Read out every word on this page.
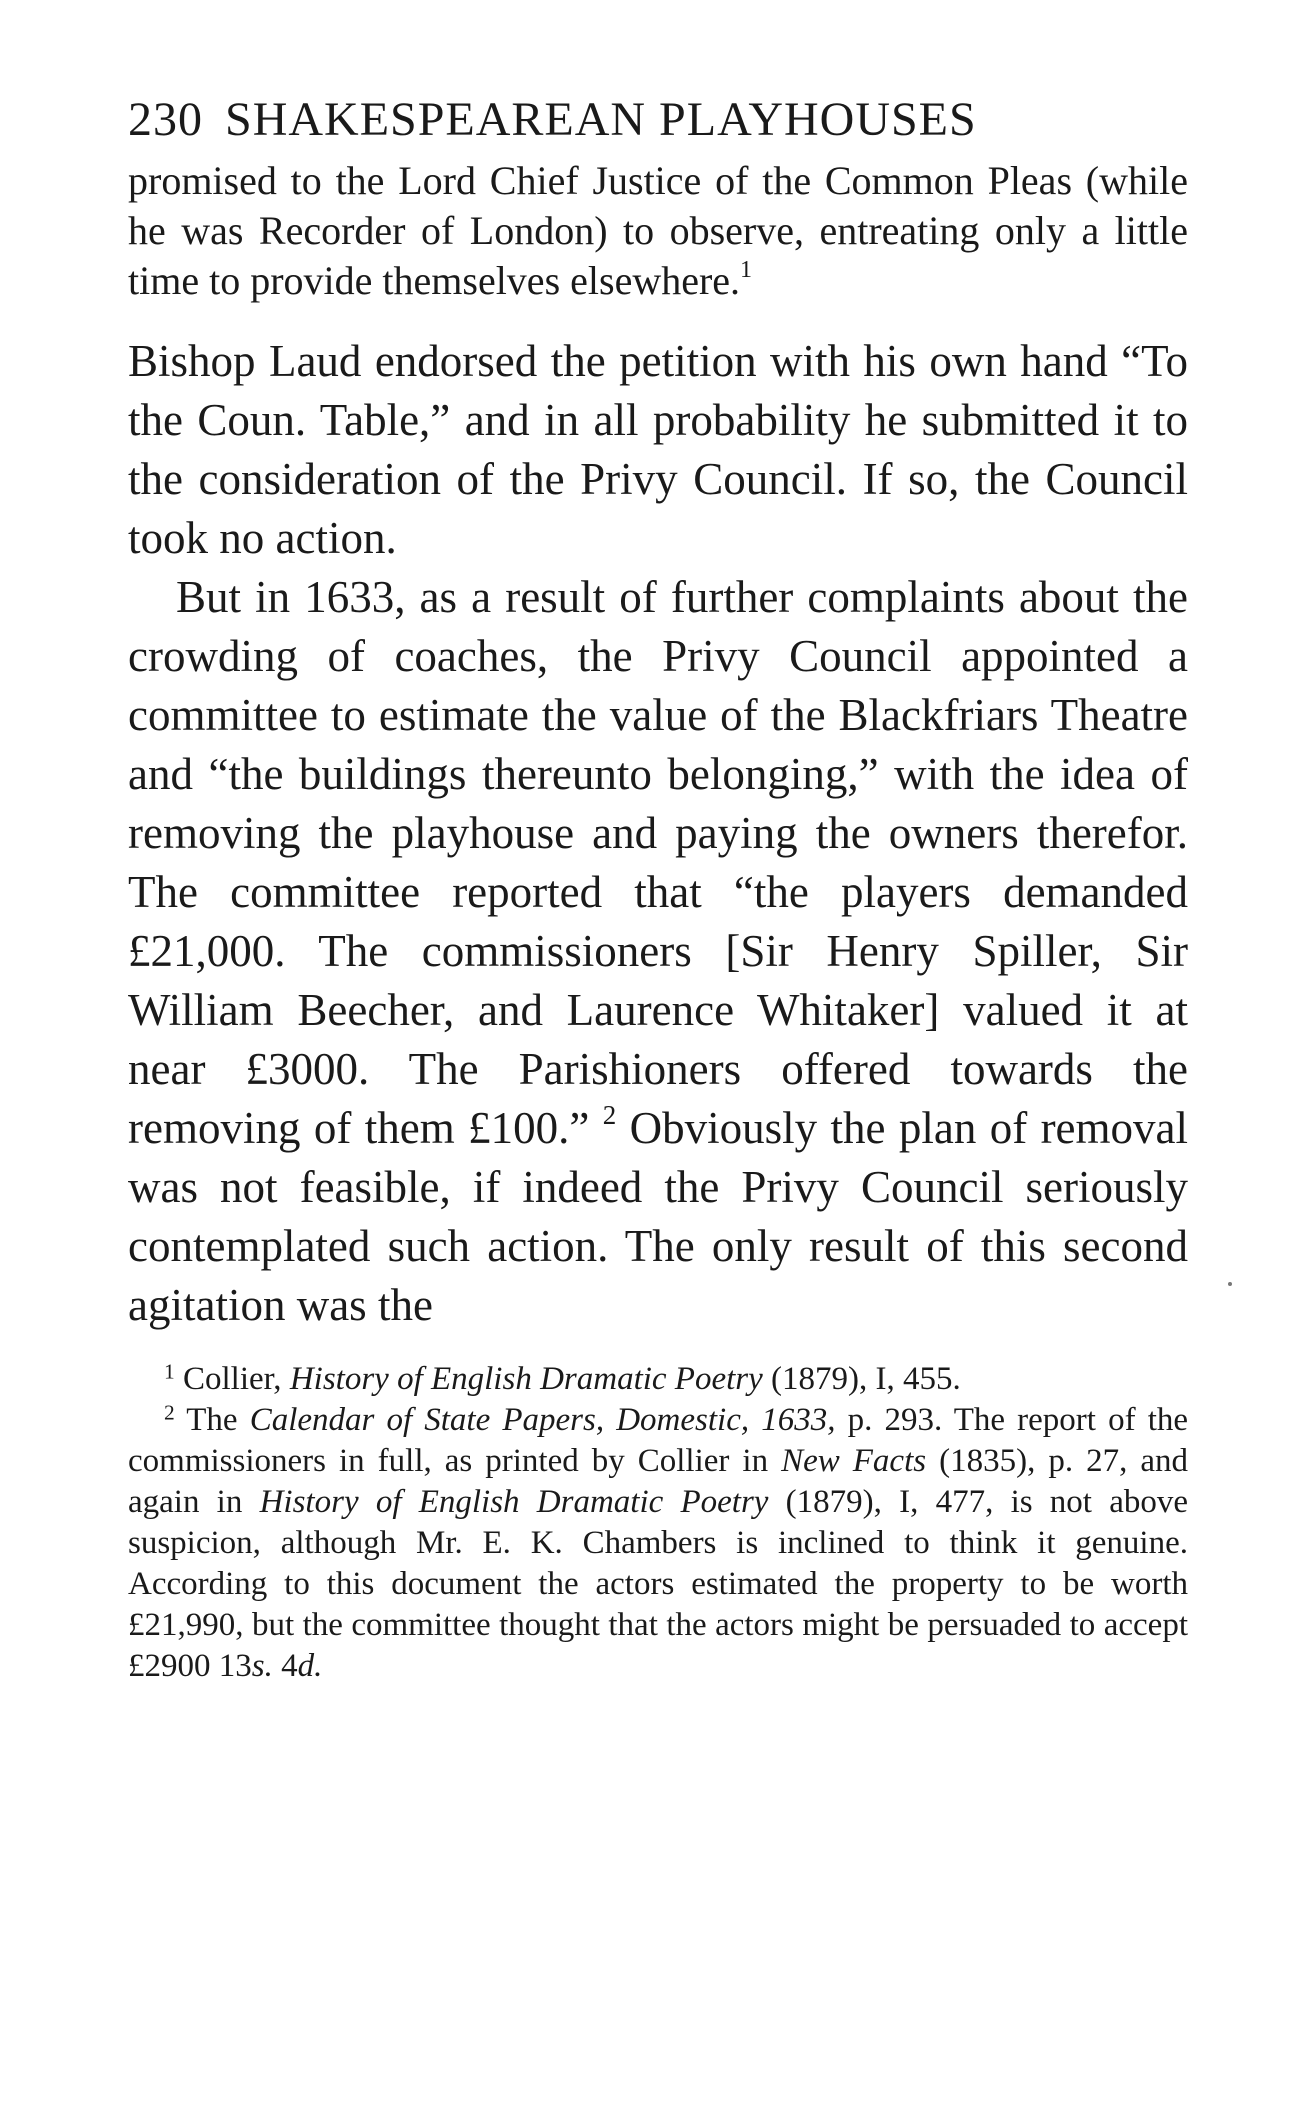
230 SHAKESPEAREAN PLAYHOUSES

promised to the Lord Chief Justice of the Common Pleas (while he was Recorder of London) to observe, entreating only a little time to provide themselves elsewhere.$^1$

Bishop Laud endorsed the petition with his own hand “To the Coun. Table,” and in all probability he submitted it to the consideration of the Privy Council. If so, the Council took no action.

But in 1633, as a result of further complaints about the crowding of coaches, the Privy Council appointed a committee to estimate the value of the Blackfriars Theatre and “the buildings thereunto belonging,” with the idea of removing the playhouse and paying the owners therefor. The committee reported that “the players demanded £21,000. The commissioners [Sir Henry Spiller, Sir William Beecher, and Laurence Whitaker] valued it at near £3000. The Parishioners offered towards the removing of them £100.” $^2$ Obviously the plan of removal was not feasible, if indeed the Privy Council seriously contemplated such action. The only result of this second agitation was the

$^1$ Collier, History of English Dramatic Poetry (1879), I, 455.

$^2$ The Calendar of State Papers, Domestic, 1633, p. 293. The report of the commissioners in full, as printed by Collier in New Facts (1835), p. 27, and again in History of English Dramatic Poetry (1879), I, 477, is not above suspicion, although Mr. E. K. Chambers is inclined to think it genuine. According to this document the actors estimated the property to be worth £21,990, but the committee thought that the actors might be persuaded to accept £2900 13s. 4d.
